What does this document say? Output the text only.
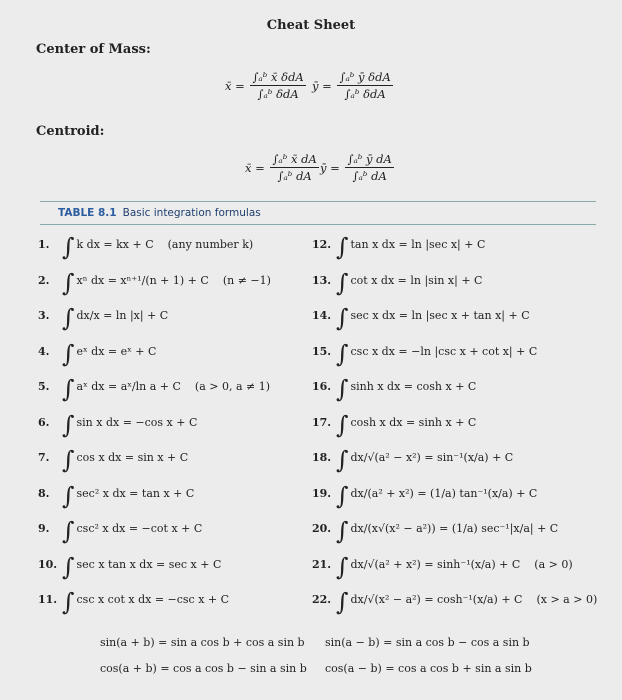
Cheat Sheet
Center of Mass:
x̄ =
∫ₐᵇ x̄ δdA
∫ₐᵇ δdA
ȳ =
∫ₐᵇ ȳ δdA
∫ₐᵇ δdA
Centroid:
x̄ = $\frac{\text{∫ₐᵇ x̄ dA}}{\text{∫ₐᵇ dA}}$ ȳ = $\frac{\text{∫ₐᵇ ȳ dA}}{\text{∫ₐᵇ dA}}$
TABLE 8.1 Basic integration formulas
1. ∫ k dx = kx + C (any number k)
2. ∫ xⁿ dx = xⁿ⁺¹/(n + 1) + C (n ≠ −1)
3. ∫ dx/x = ln |x| + C
4. ∫ eˣ dx = eˣ + C
5. ∫ aˣ dx = aˣ/ln a + C (a > 0, a ≠ 1)
6. ∫ sin x dx = −cos x + C
7. ∫ cos x dx = sin x + C
8. ∫ sec² x dx = tan x + C
9. ∫ csc² x dx = −cot x + C
10. ∫ sec x tan x dx = sec x + C
11. ∫ csc x cot x dx = −csc x + C
12. ∫ tan x dx = ln |sec x| + C
13. ∫ cot x dx = ln |sin x| + C
14. ∫ sec x dx = ln |sec x + tan x| + C
15. ∫ csc x dx = −ln |csc x + cot x| + C
16. ∫ sinh x dx = cosh x + C
17. ∫ cosh x dx = sinh x + C
18. ∫ dx/√(a² − x²) = sin⁻¹(x/a) + C
19. ∫ dx/(a² + x²) = (1/a) tan⁻¹(x/a) + C
20. ∫ dx/(x√(x² − a²)) = (1/a) sec⁻¹|x/a| + C
21. ∫ dx/√(a² + x²) = sinh⁻¹(x/a) + C (a > 0)
22. ∫ dx/√(x² − a²) = cosh⁻¹(x/a) + C (x > a > 0)
sin(a + b) = sin a cos b + cos a sin b
cos(a + b) = cos a cos b − sin a sin b
sin(a − b) = sin a cos b − cos a sin b
cos(a − b) = cos a cos b + sin a sin b
